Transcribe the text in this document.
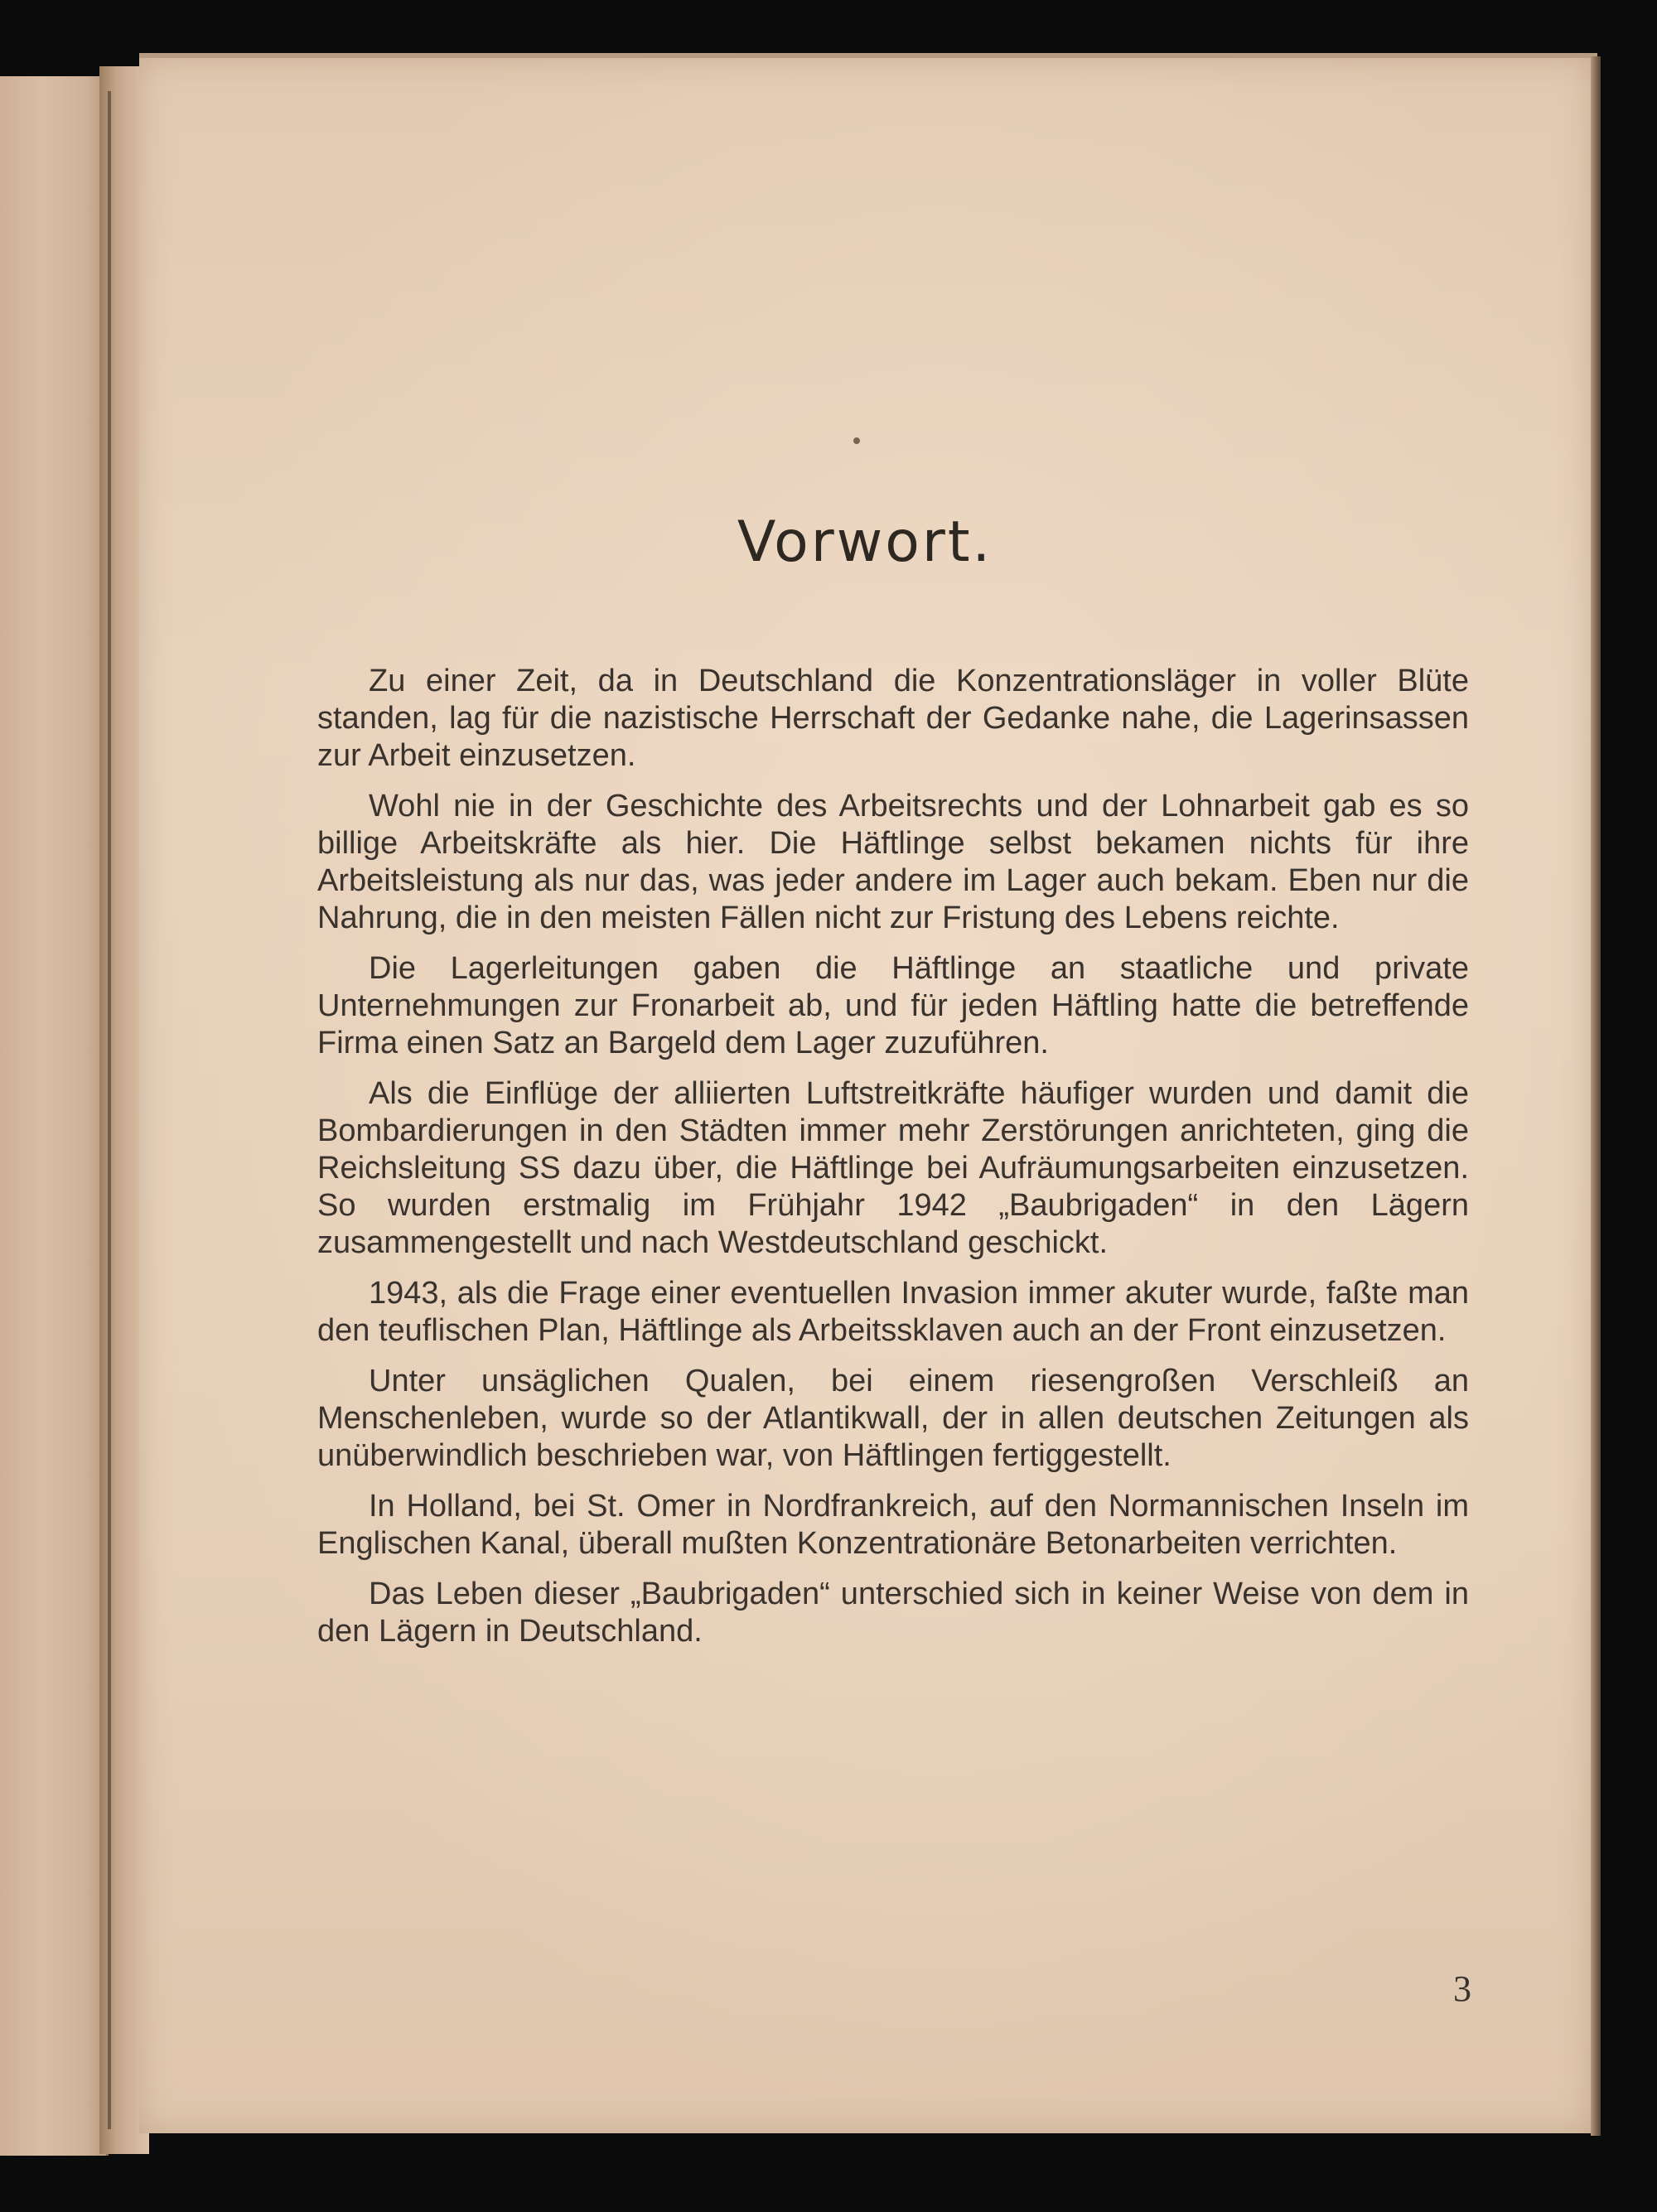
Vorwort.

Zu einer Zeit, da in Deutschland die Konzentrationsläger in voller Blüte standen, lag für die nazistische Herrschaft der Gedanke nahe, die Lagerinsassen zur Arbeit einzusetzen.

Wohl nie in der Geschichte des Arbeitsrechts und der Lohnarbeit gab es so billige Arbeitskräfte als hier. Die Häftlinge selbst bekamen nichts für ihre Arbeitsleistung als nur das, was jeder andere im Lager auch bekam. Eben nur die Nahrung, die in den meisten Fällen nicht zur Fristung des Lebens reichte.

Die Lagerleitungen gaben die Häftlinge an staatliche und private Unternehmungen zur Fronarbeit ab, und für jeden Häftling hatte die betreffende Firma einen Satz an Bargeld dem Lager zuzuführen.

Als die Einflüge der alliierten Luftstreitkräfte häufiger wurden und damit die Bombardierungen in den Städten immer mehr Zerstörungen anrichteten, ging die Reichsleitung SS dazu über, die Häftlinge bei Aufräumungsarbeiten einzusetzen. So wurden erstmalig im Frühjahr 1942 „Baubrigaden“ in den Lägern zusammengestellt und nach Westdeutschland geschickt.

1943, als die Frage einer eventuellen Invasion immer akuter wurde, faßte man den teuflischen Plan, Häftlinge als Arbeitssklaven auch an der Front einzusetzen.

Unter unsäglichen Qualen, bei einem riesengroßen Verschleiß an Menschenleben, wurde so der Atlantikwall, der in allen deutschen Zeitungen als unüberwindlich beschrieben war, von Häftlingen fertiggestellt.

In Holland, bei St. Omer in Nordfrankreich, auf den Normannischen Inseln im Englischen Kanal, überall mußten Konzentrationäre Betonarbeiten verrichten.

Das Leben dieser „Baubrigaden“ unterschied sich in keiner Weise von dem in den Lägern in Deutschland.

3
